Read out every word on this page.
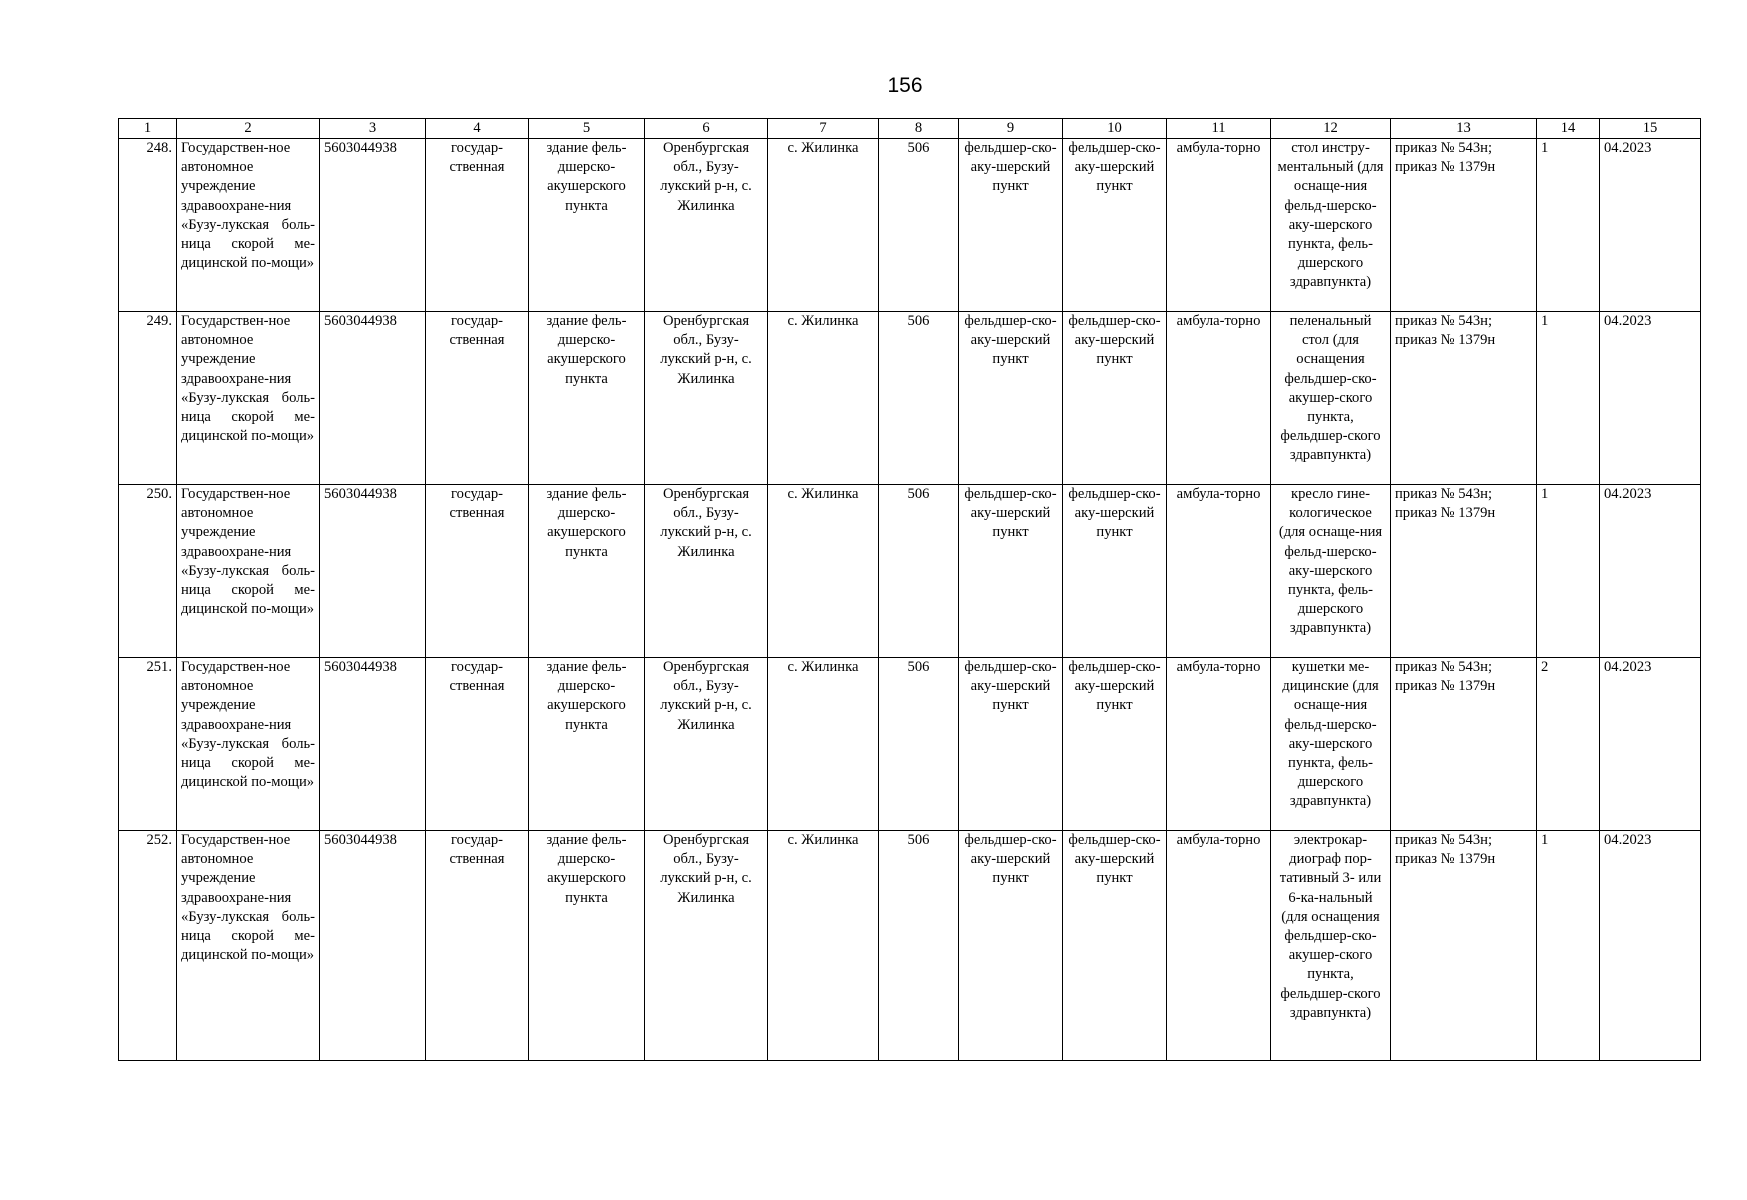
156
1	2	3	4	5	6	7	8	9	10	11	12	13	14	15
248.	Государствен-ное автономное учреждение здравоохране-ния «Бузу-лукская боль-ница скорой ме-дицинской по-мощи»	5603044938	государ-ственная	здание фель-дшерско-акушерского пункта	Оренбургская обл., Бузу-лукский р-н, с. Жилинка	с. Жилинка	506	фельдшер-ско-аку-шерский пункт	фельдшер-ско-аку-шерский пункт	амбула-торно	стол инстру-ментальный (для оснаще-ния фельд-шерско-аку-шерского пункта, фель-дшерского здравпункта)	приказ № 543н; приказ № 1379н	1	04.2023
249.	Государствен-ное автономное учреждение здравоохране-ния «Бузу-лукская боль-ница скорой ме-дицинской по-мощи»	5603044938	государ-ственная	здание фель-дшерско-акушерского пункта	Оренбургская обл., Бузу-лукский р-н, с. Жилинка	с. Жилинка	506	фельдшер-ско-аку-шерский пункт	фельдшер-ско-аку-шерский пункт	амбула-торно	пеленальный стол (для оснащения фельдшер-ско-акушер-ского пункта, фельдшер-ского здравпункта)	приказ № 543н; приказ № 1379н	1	04.2023
250.	Государствен-ное автономное учреждение здравоохране-ния «Бузу-лукская боль-ница скорой ме-дицинской по-мощи»	5603044938	государ-ственная	здание фель-дшерско-акушерского пункта	Оренбургская обл., Бузу-лукский р-н, с. Жилинка	с. Жилинка	506	фельдшер-ско-аку-шерский пункт	фельдшер-ско-аку-шерский пункт	амбула-торно	кресло гине-кологическое (для оснаще-ния фельд-шерско-аку-шерского пункта, фель-дшерского здравпункта)	приказ № 543н; приказ № 1379н	1	04.2023
251.	Государствен-ное автономное учреждение здравоохране-ния «Бузу-лукская боль-ница скорой ме-дицинской по-мощи»	5603044938	государ-ственная	здание фель-дшерско-акушерского пункта	Оренбургская обл., Бузу-лукский р-н, с. Жилинка	с. Жилинка	506	фельдшер-ско-аку-шерский пункт	фельдшер-ско-аку-шерский пункт	амбула-торно	кушетки ме-дицинские (для оснаще-ния фельд-шерско-аку-шерского пункта, фель-дшерского здравпункта)	приказ № 543н; приказ № 1379н	2	04.2023
252.	Государствен-ное автономное учреждение здравоохране-ния «Бузу-лукская боль-ница скорой ме-дицинской по-мощи»	5603044938	государ-ственная	здание фель-дшерско-акушерского пункта	Оренбургская обл., Бузу-лукский р-н, с. Жилинка	с. Жилинка	506	фельдшер-ско-аку-шерский пункт	фельдшер-ско-аку-шерский пункт	амбула-торно	электрокар-диограф пор-тативный 3- или 6-ка-нальный (для оснащения фельдшер-ско-акушер-ского пункта, фельдшер-ского здравпункта)	приказ № 543н; приказ № 1379н	1	04.2023
